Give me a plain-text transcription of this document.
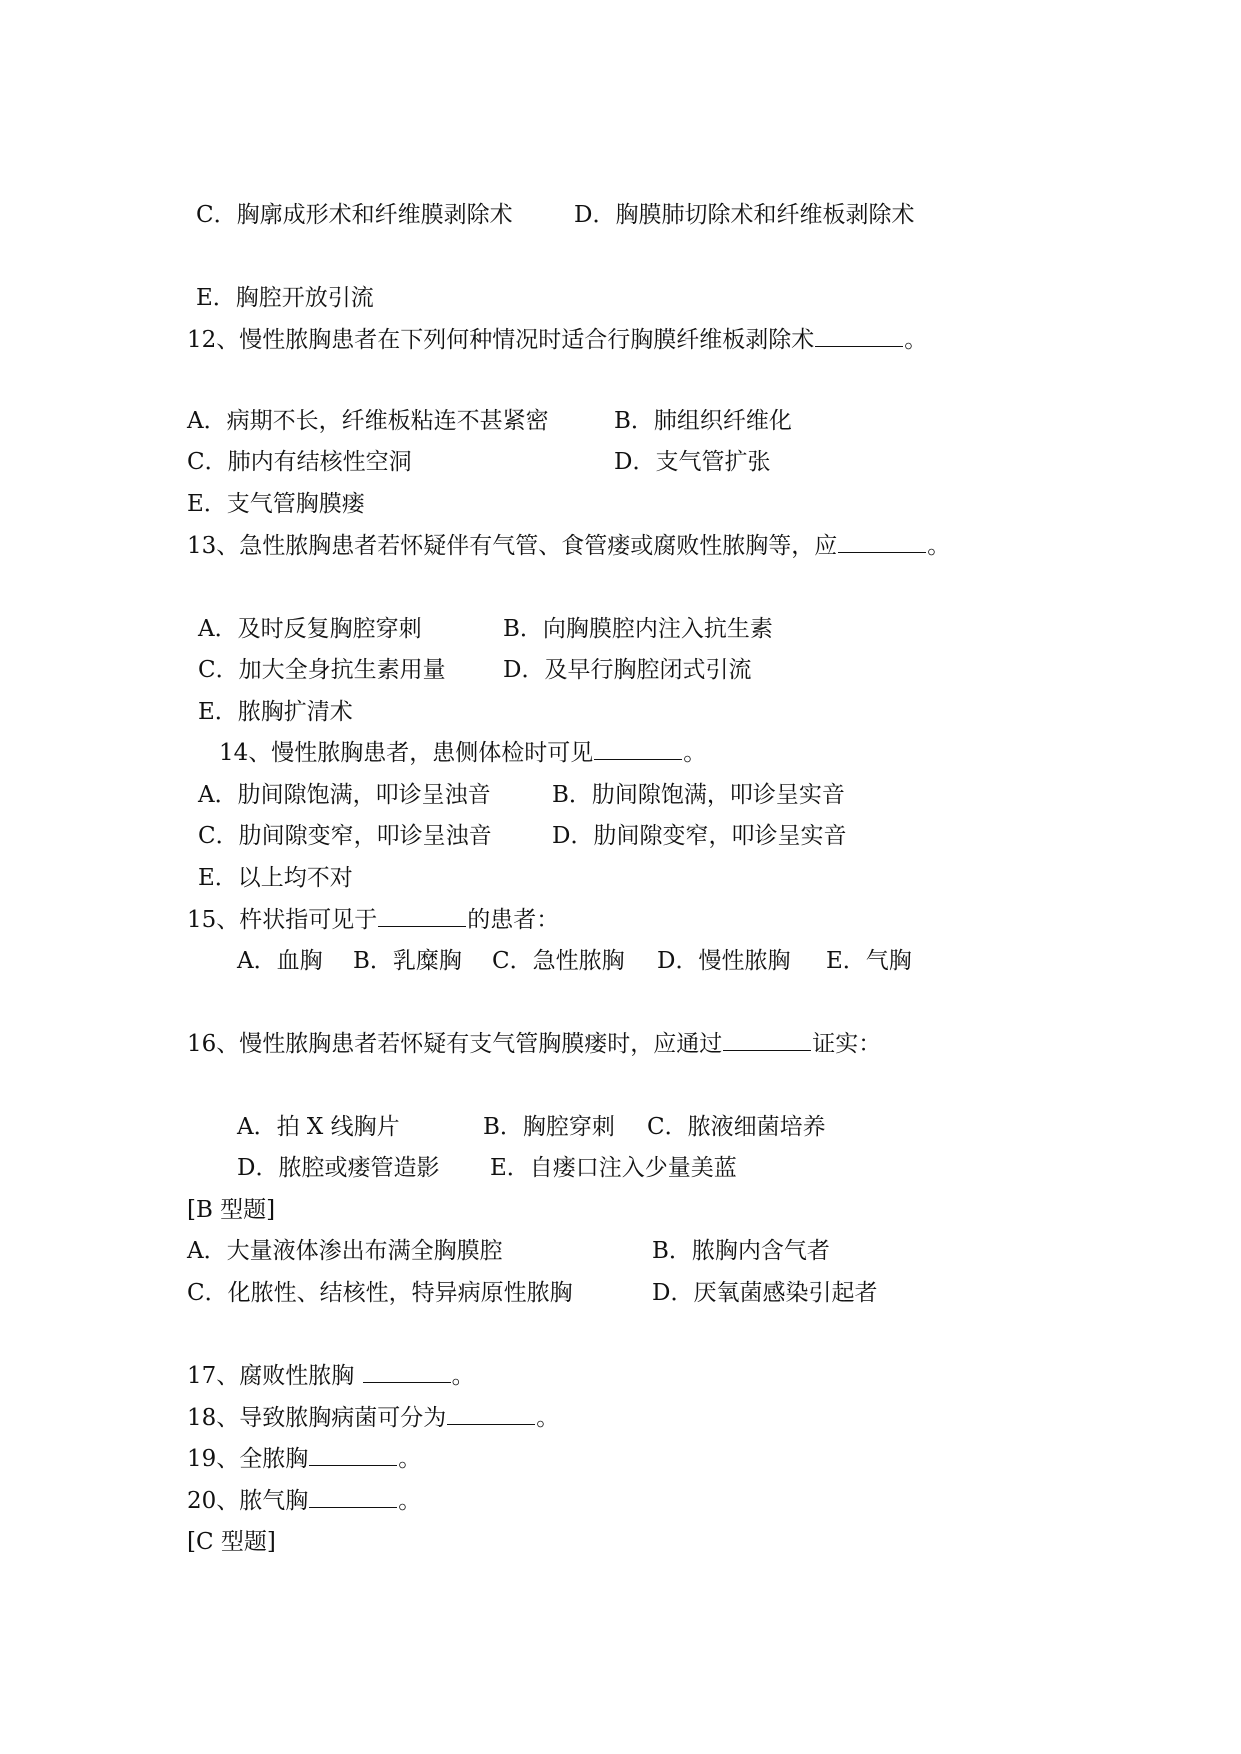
C．胸廓成形术和纤维膜剥除术	D．胸膜肺切除术和纤维板剥除术
E．胸腔开放引流
12、慢性脓胸患者在下列何种情况时适合行胸膜纤维板剥除术	。
A．病期不长，纤维板粘连不甚紧密	B．肺组织纤维化
C．肺内有结核性空洞	D．支气管扩张
E．支气管胸膜瘘
13、急性脓胸患者若怀疑伴有气管、食管瘘或腐败性脓胸等，应	。
A．及时反复胸腔穿刺	B．向胸膜腔内注入抗生素
C．加大全身抗生素用量 D．及早行胸腔闭式引流
E．脓胸扩清术
14、慢性脓胸患者，患侧体检时可见	。
A．肋间隙饱满，叩诊呈浊音	B．肋间隙饱满，叩诊呈实音
C．肋间隙变窄，叩诊呈浊音	D．肋间隙变窄，叩诊呈实音
E．以上均不对
15、杵状指可见于	的患者：
A．血胸 B．乳糜胸 C．急性脓胸 D．慢性脓胸 E．气胸
16、慢性脓胸患者若怀疑有支气管胸膜瘘时，应通过	证实：
A．拍 X 线胸片	B．胸腔穿刺 C．脓液细菌培养
D．脓腔或瘘管造影 E．自瘘口注入少量美蓝
[B 型题]
A．大量液体渗出布满全胸膜腔	B．脓胸内含气者
C．化脓性、结核性，特异病原性脓胸	D．厌氧菌感染引起者
17、腐败性脓胸	。
18、导致脓胸病菌可分为	。
19、全脓胸	。
20、脓气胸	。
[C 型题]
